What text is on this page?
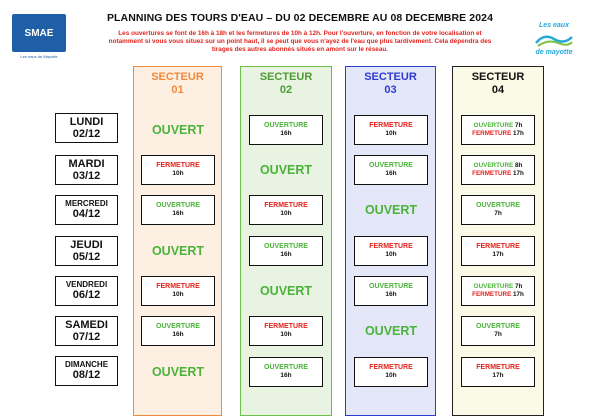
SMAE
Les eaux de Mayotte
Les eaux
de mayotte
PLANNING DES TOURS D'EAU – DU 02 DECEMBRE AU 08 DECEMBRE 2024
Les ouvertures se font de 16h à 18h et les fermetures de 10h à 12h. Pour l'ouverture, en fonction de votre localisation et
notamment si vous vous situez sur un point haut, il se peut que vous n'ayez de l'eau que plus tardivement. Cela dépendra des
tirages des autres abonnés situés en amont sur le réseau.
SECTEUR
01
SECTEUR
02
SECTEUR
03
SECTEUR
04
LUNDI
02/12
MARDI
03/12
MERCREDI
04/12
JEUDI
05/12
VENDREDI
06/12
SAMEDI
07/12
DIMANCHE
08/12
OUVERT
FERMETURE
10h
OUVERTURE
16h
OUVERT
FERMETURE
10h
OUVERTURE
16h
OUVERT
OUVERTURE
16h
OUVERT
FERMETURE
10h
OUVERTURE
16h
OUVERT
FERMETURE
10h
OUVERTURE
16h
FERMETURE
10h
OUVERTURE
16h
OUVERT
FERMETURE
10h
OUVERTURE
16h
OUVERT
FERMETURE
10h
OUVERTURE 7h
FERMETURE 17h
OUVERTURE 8h
FERMETURE 17h
OUVERTURE
7h
FERMETURE
17h
OUVERTURE 7h
FERMETURE 17h
OUVERTURE
7h
FERMETURE
17h
